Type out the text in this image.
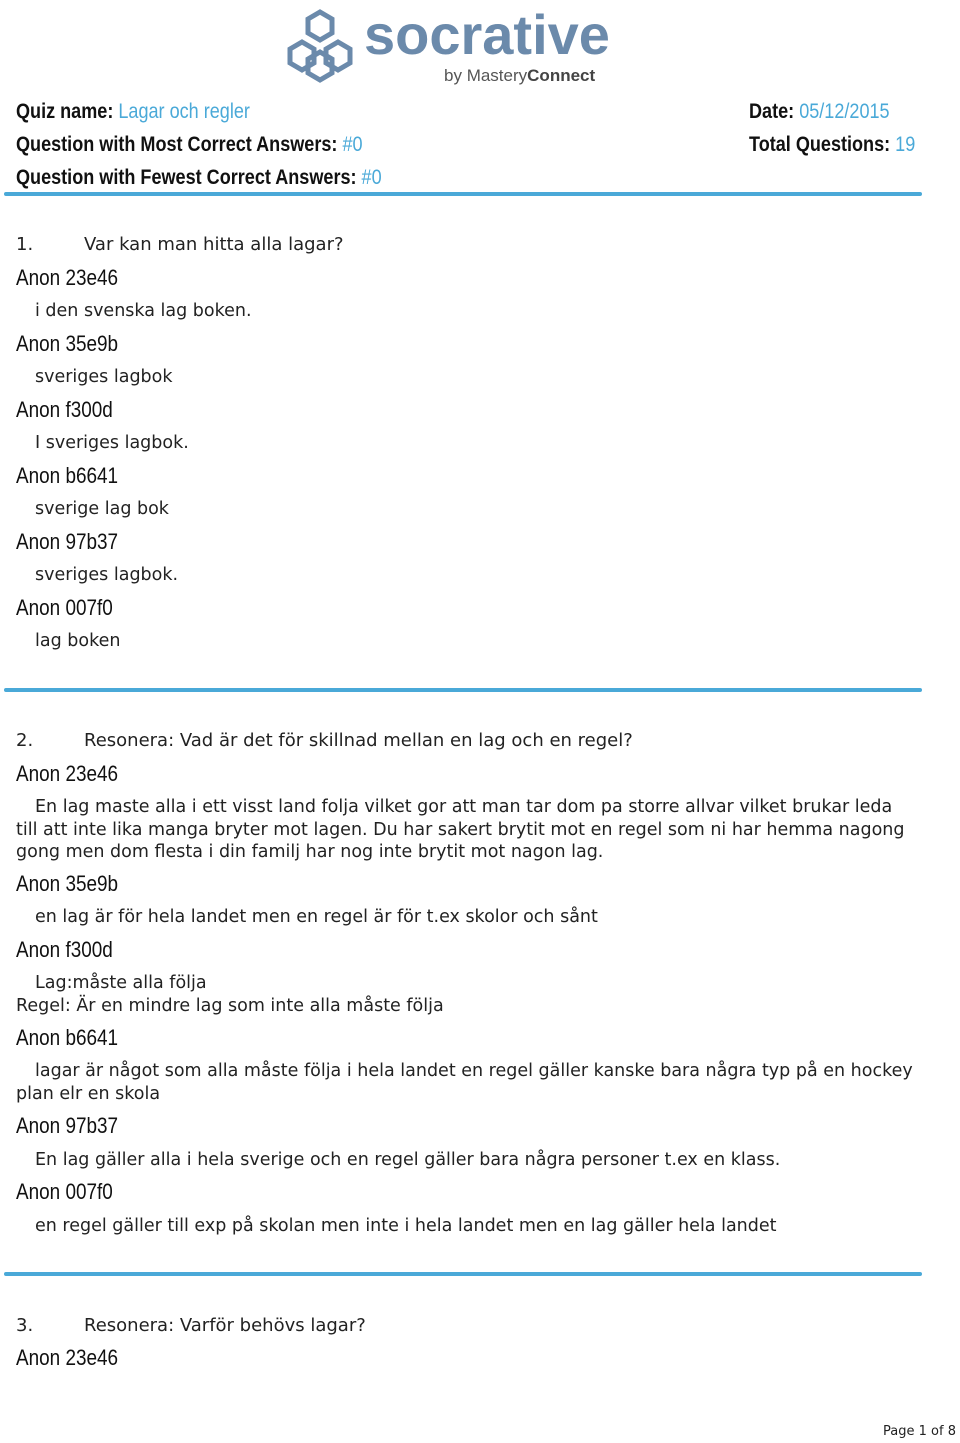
socrative
by MasteryConnect
Quiz name: Lagar och regler
Question with Most Correct Answers: #0
Question with Fewest Correct Answers: #0
Date: 05/12/2015
Total Questions: 19
1.	Var kan man hitta alla lagar?
Anon 23e46
i den svenska lag boken.
Anon 35e9b
sveriges lagbok
Anon f300d
I sveriges lagbok.
Anon b6641
sverige lag bok
Anon 97b37
sveriges lagbok.
Anon 007f0
lag boken
2.	Resonera: Vad är det för skillnad mellan en lag och en regel?
Anon 23e46
En lag maste alla i ett visst land folja vilket gor att man tar dom pa storre allvar vilket brukar leda till att inte lika manga bryter mot lagen. Du har sakert brytit mot en regel som ni har hemma nagong gong men dom flesta i din familj har nog inte brytit mot nagon lag.
Anon 35e9b
en lag är för hela landet men en regel är för t.ex skolor och sånt
Anon f300d
Lag:måste alla följa
Regel: Är en mindre lag som inte alla måste följa
Anon b6641
lagar är något som alla måste följa i hela landet en regel gäller kanske bara några typ på en hockey plan elr en skola
Anon 97b37
En lag gäller alla i hela sverige och en regel gäller bara några personer t.ex en klass.
Anon 007f0
en regel gäller till exp på skolan men inte i hela landet men en lag gäller hela landet
3.	Resonera: Varför behövs lagar?
Anon 23e46
Page 1 of 8
